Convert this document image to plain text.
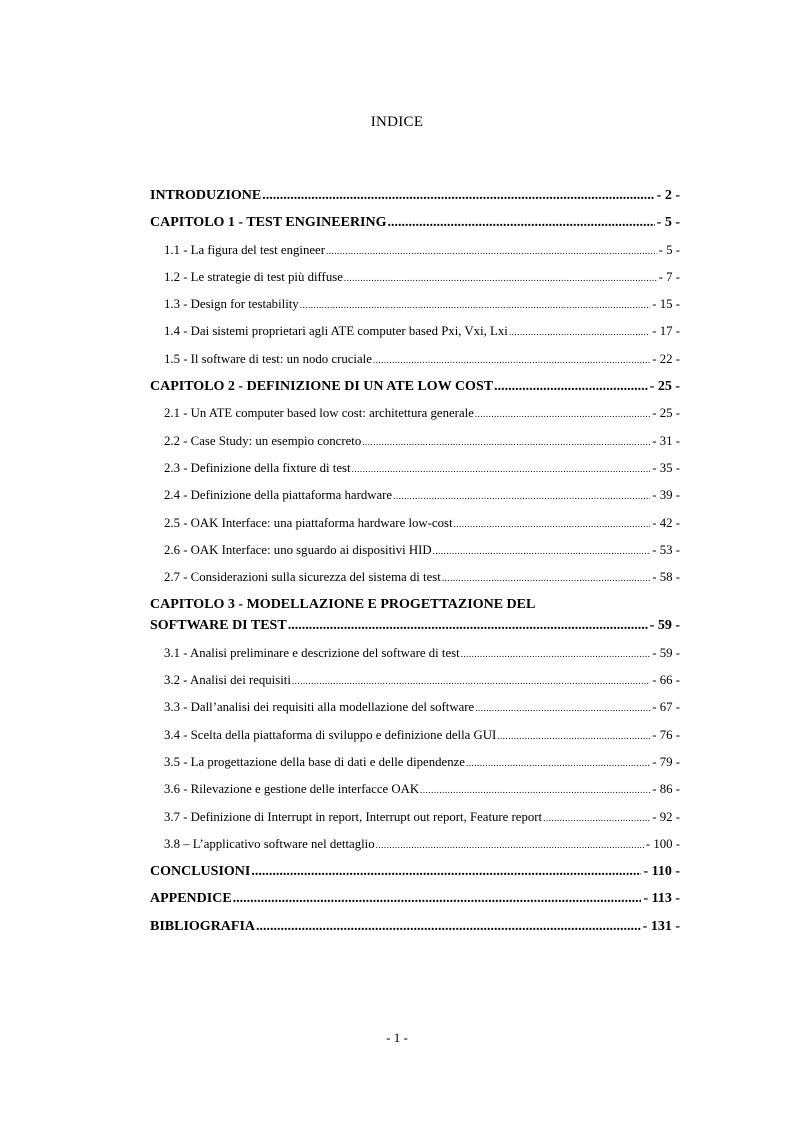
INDICE
INTRODUZIONE .....	- 2 -
CAPITOLO 1 - TEST ENGINEERING .....	- 5 -
1.1 - La figura del test engineer .....	- 5 -
1.2 - Le strategie di test più diffuse .....	- 7 -
1.3 - Design for testability .....	- 15 -
1.4 - Dai sistemi proprietari agli ATE computer based Pxi, Vxi, Lxi .....	- 17 -
1.5 - Il software di test: un nodo cruciale .....	- 22 -
CAPITOLO 2 - DEFINIZIONE DI UN ATE LOW COST .....	- 25 -
2.1 - Un ATE computer based low cost: architettura generale .....	- 25 -
2.2 - Case Study: un esempio concreto .....	- 31 -
2.3 - Definizione della fixture di test .....	- 35 -
2.4 - Definizione della piattaforma hardware .....	- 39 -
2.5 - OAK Interface: una piattaforma hardware low-cost .....	- 42 -
2.6 - OAK Interface: uno sguardo ai dispositivi HID .....	- 53 -
2.7 - Considerazioni sulla sicurezza del sistema di test .....	- 58 -
CAPITOLO 3 - MODELLAZIONE E PROGETTAZIONE DEL
SOFTWARE DI TEST .....	- 59 -
3.1 - Analisi preliminare e descrizione del software di test .....	- 59 -
3.2 - Analisi dei requisiti .....	- 66 -
3.3 - Dall’analisi dei requisiti alla modellazione del software .....	- 67 -
3.4 - Scelta della piattaforma di sviluppo e definizione della GUI .....	- 76 -
3.5 - La progettazione della base di dati e delle dipendenze .....	- 79 -
3.6 - Rilevazione e gestione delle interfacce OAK .....	- 86 -
3.7 - Definizione di Interrupt in report, Interrupt out report, Feature report .....	- 92 -
3.8 – L’applicativo software nel dettaglio .....	- 100 -
CONCLUSIONI .....	- 110 -
APPENDICE .....	- 113 -
BIBLIOGRAFIA .....	- 131 -
- 1 -
